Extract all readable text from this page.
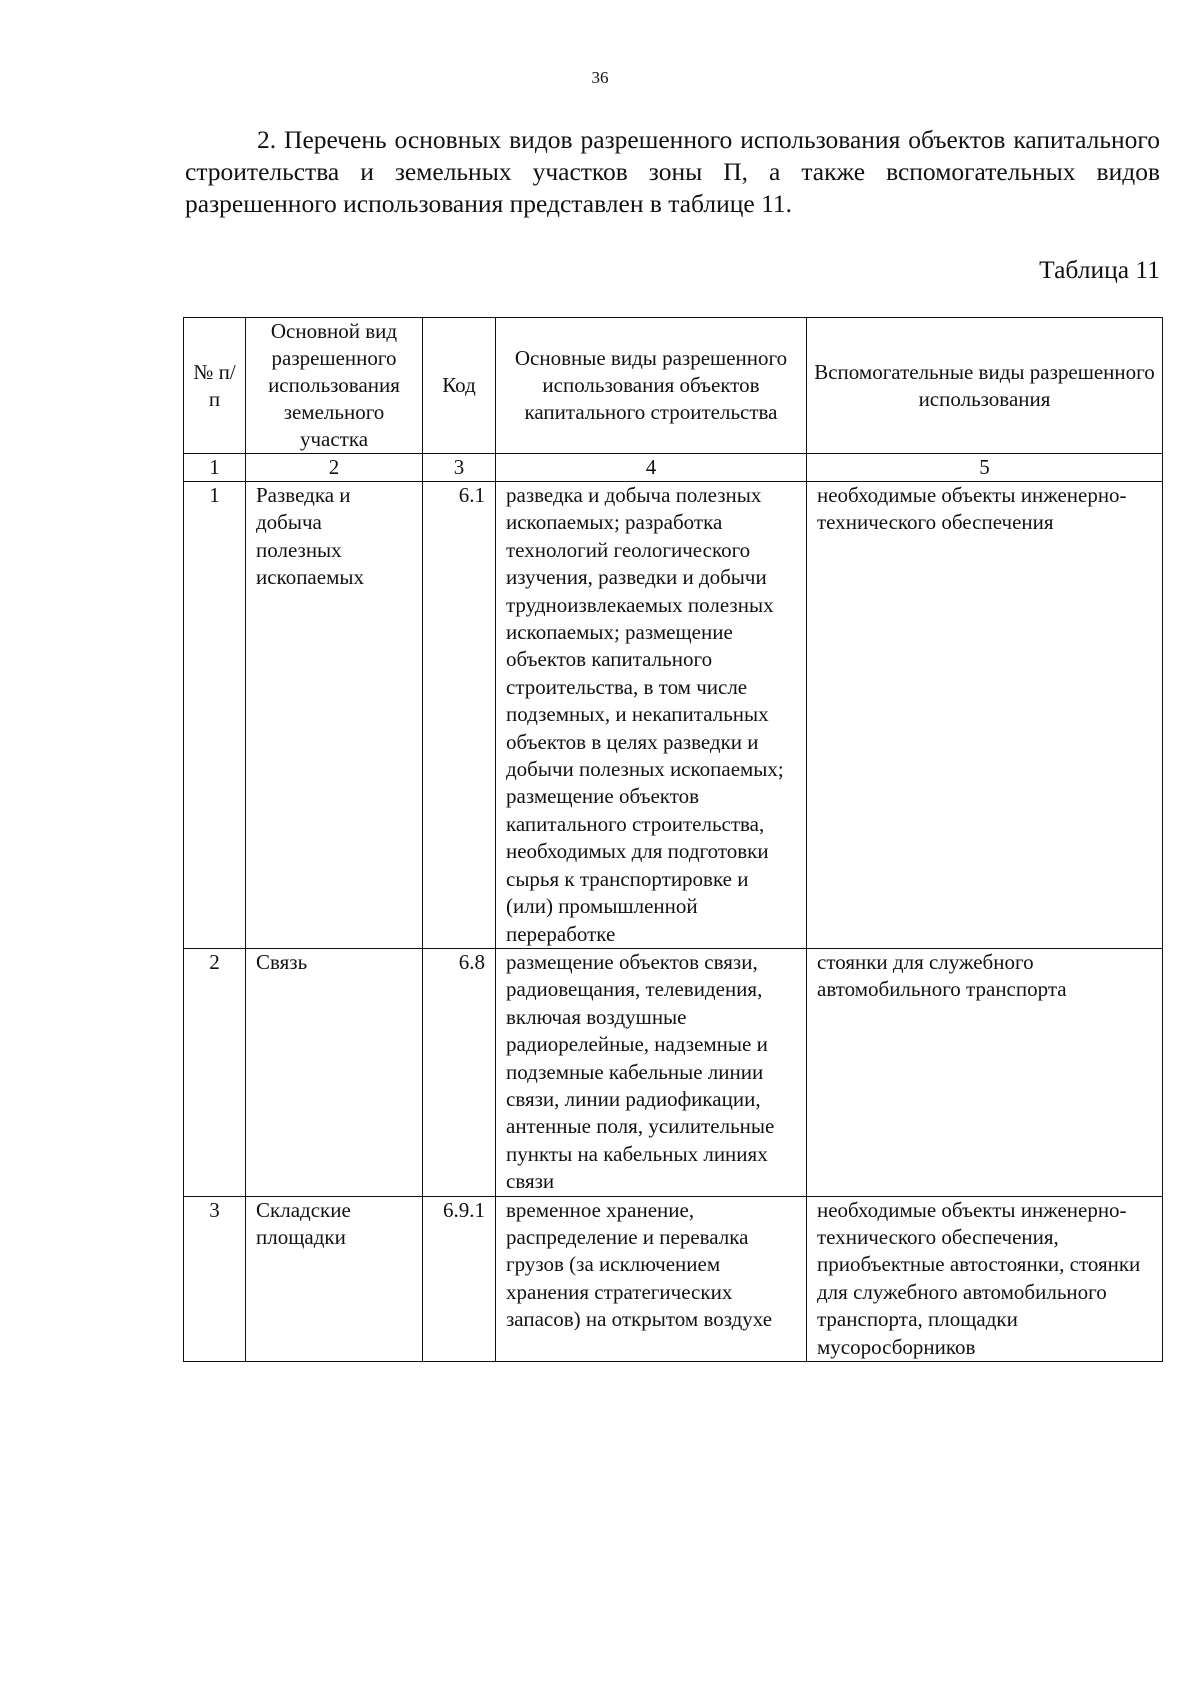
36

2. Перечень основных видов разрешенного использования объектов капитального строительства и земельных участков зоны П, а также вспомогательных видов разрешенного использования представлен в таблице 11.

Таблица 11
№ п/п	Основной вид разрешенного использования земельного участка	Код	Основные виды разрешенного использования объектов капитального строительства	Вспомогательные виды разрешенного использования
1	2	3	4	5
1	Разведка и добыча полезных ископаемых	6.1	разведка и добыча полезных ископаемых; разработка технологий геологического изучения, разведки и добычи трудноизвлекаемых полезных ископаемых; размещение объектов капитального строительства, в том числе подземных, и некапитальных объектов в целях разведки и добычи полезных ископаемых; размещение объектов капитального строительства, необходимых для подготовки сырья к транспортировке и (или) промышленной переработке	необходимые объекты инженерно-технического обеспечения
2	Связь	6.8	размещение объектов связи, радиовещания, телевидения, включая воздушные радиорелейные, надземные и подземные кабельные линии связи, линии радиофикации, антенные поля, усилительные пункты на кабельных линиях связи	стоянки для служебного автомобильного транспорта
3	Складские площадки	6.9.1	временное хранение, распределение и перевалка грузов (за исключением хранения стратегических запасов) на открытом воздухе	необходимые объекты инженерно-технического обеспечения, приобъектные автостоянки, стоянки для служебного автомобильного транспорта, площадки мусоросборников
